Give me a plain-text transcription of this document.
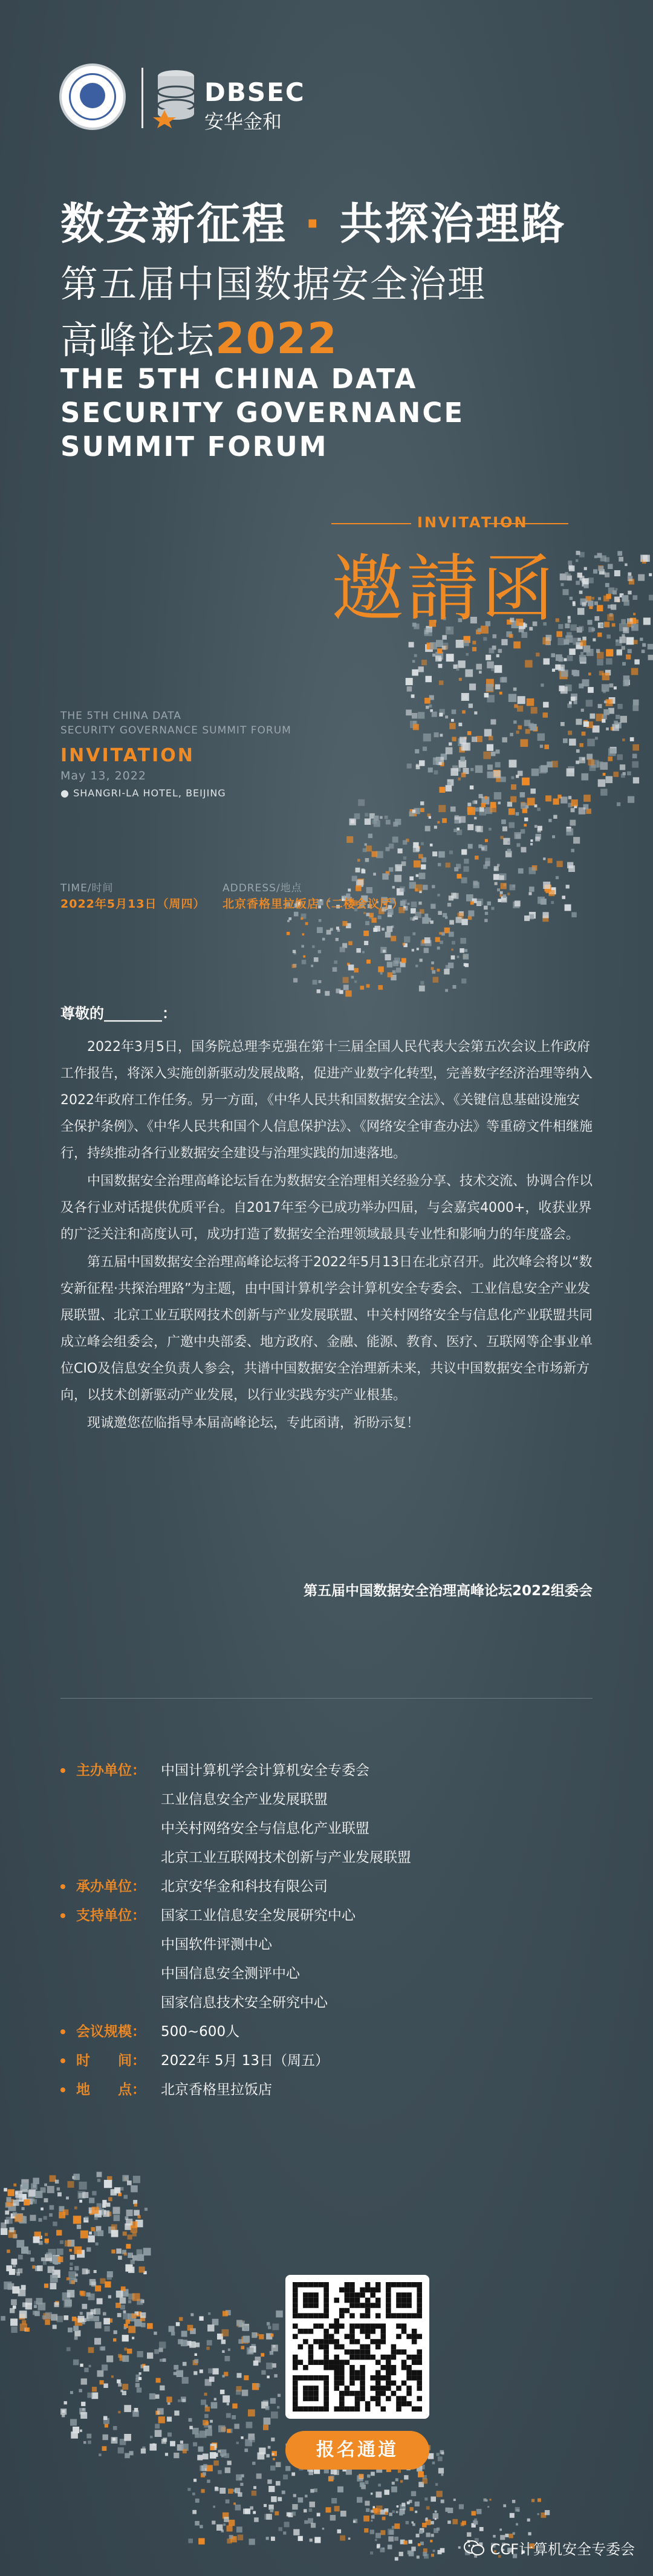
DBSEC
安华金和
数安新征程 · 共探治理路
第五届中国数据安全治理
高峰论坛2022
THE 5TH CHINA DATA
SECURITY GOVERNANCE
SUMMIT FORUM
INVITATION
邀請函
THE 5TH CHINA DATA
SECURITY GOVERNANCE SUMMIT FORUM
INVITATION
May 13, 2022
● SHANGRI-LA HOTEL, BEIJING
TIME/时间
2022年5月13日（周四）
ADDRESS/地点
北京香格里拉饭店（二楼会议厅）
尊敬的________：

2022年3月5日，国务院总理李克强在第十三届全国人民代表大会第五次会议上作政府工作报告，将深入实施创新驱动发展战略，促进产业数字化转型，完善数字经济治理等纳入2022年政府工作任务。另一方面，《中华人民共和国数据安全法》、《关键信息基础设施安全保护条例》、《中华人民共和国个人信息保护法》、《网络安全审查办法》等重磅文件相继施行，持续推动各行业数据安全建设与治理实践的加速落地。

中国数据安全治理高峰论坛旨在为数据安全治理相关经验分享、技术交流、协调合作以及各行业对话提供优质平台。自2017年至今已成功举办四届，与会嘉宾4000+，收获业界的广泛关注和高度认可，成功打造了数据安全治理领域最具专业性和影响力的年度盛会。

第五届中国数据安全治理高峰论坛将于2022年5月13日在北京召开。此次峰会将以“数安新征程·共探治理路”为主题，由中国计算机学会计算机安全专委会、工业信息安全产业发展联盟、北京工业互联网技术创新与产业发展联盟、中关村网络安全与信息化产业联盟共同成立峰会组委会，广邀中央部委、地方政府、金融、能源、教育、医疗、互联网等企事业单位CIO及信息安全负责人参会，共谱中国数据安全治理新未来，共议中国数据安全市场新方向，以技术创新驱动产业发展，以行业实践夯实产业根基。

现诚邀您莅临指导本届高峰论坛，专此函请，祈盼示复！

第五届中国数据安全治理高峰论坛2022组委会
主办单位：	中国计算机学会计算机安全专委会
工业信息安全产业发展联盟
中关村网络安全与信息化产业联盟
北京工业互联网技术创新与产业发展联盟
承办单位：	北京安华金和科技有限公司
支持单位：	国家工业信息安全发展研究中心
中国软件评测中心
中国信息安全测评中心
国家信息技术安全研究中心
会议规模：	500~600人
时　　间：	2022年 5月 13日（周五）
地　　点：	北京香格里拉饭店
报名通道
CCF计算机安全专委会
